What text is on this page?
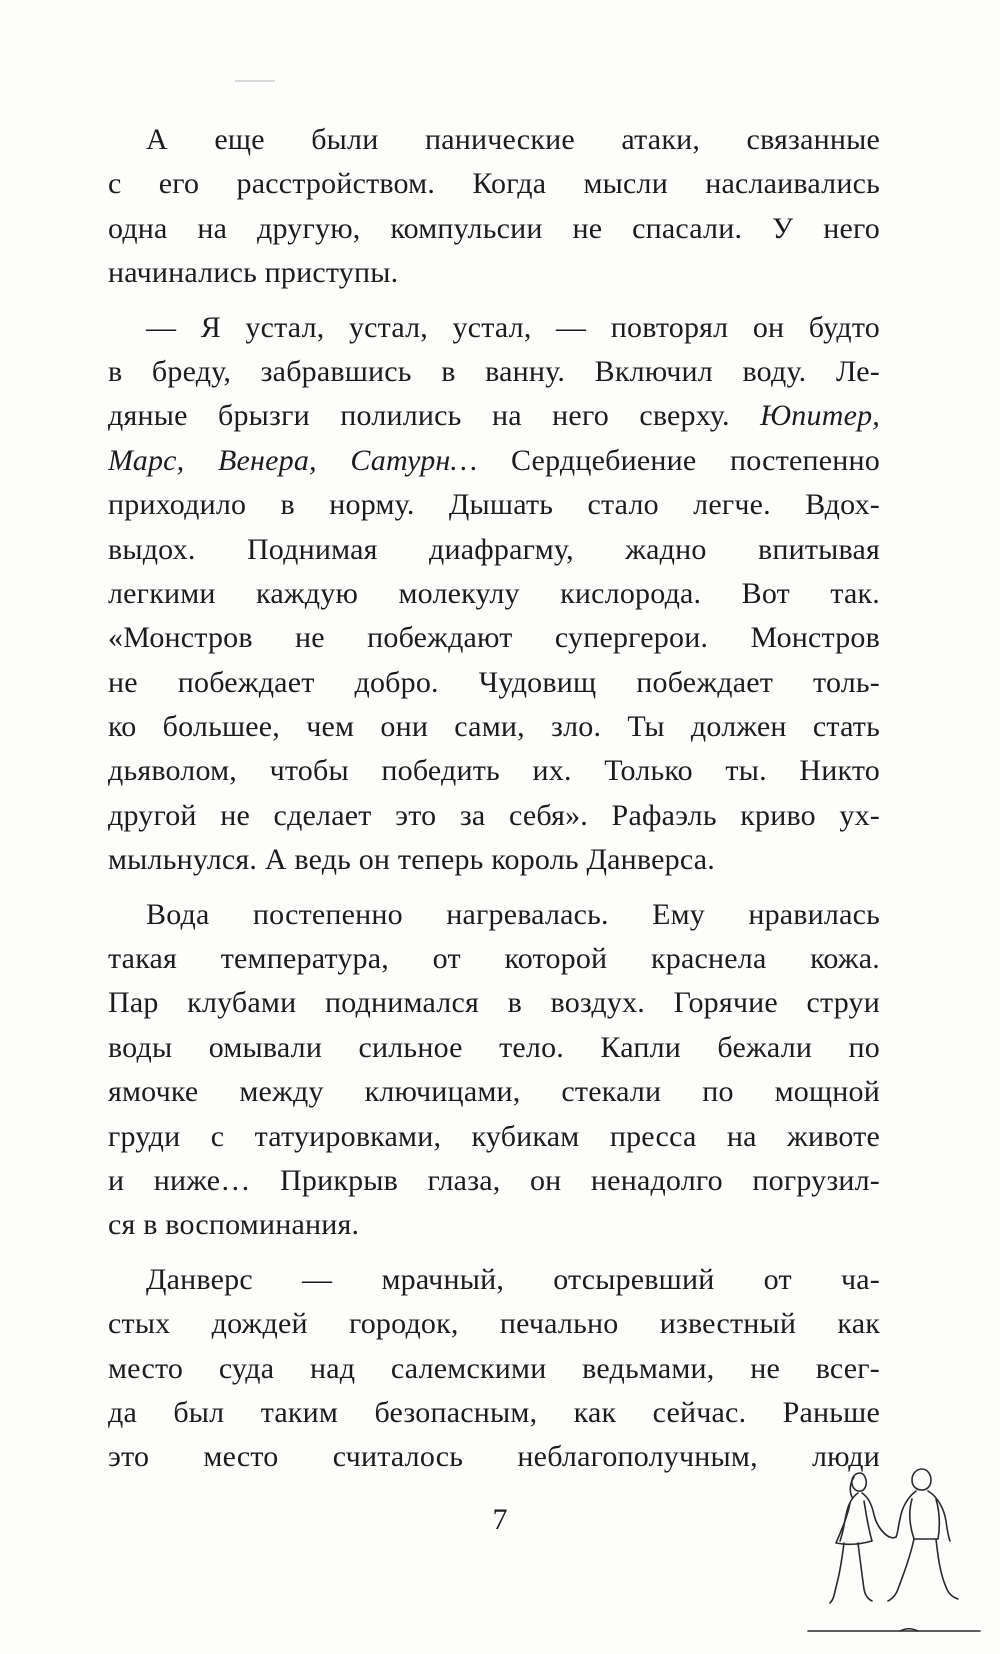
А еще были панические атаки, связанные
с его расстройством. Когда мысли наслаивались
одна на другую, компульсии не спасали. У него
начинались приступы.
— Я устал, устал, устал, — повторял он будто
в бреду, забравшись в ванну. Включил воду. Ле-
дяные брызги полились на него сверху. Юпитер,
Марс, Венера, Сатурн… Сердцебиение постепенно
приходило в норму. Дышать стало легче. Вдох-
выдох. Поднимая диафрагму, жадно впитывая
легкими каждую молекулу кислорода. Вот так.
«Монстров не побеждают супергерои. Монстров
не побеждает добро. Чудовищ побеждает толь-
ко большее, чем они сами, зло. Ты должен стать
дьяволом, чтобы победить их. Только ты. Никто
другой не сделает это за себя». Рафаэль криво ух-
мыльнулся. А ведь он теперь король Данверса.
Вода постепенно нагревалась. Ему нравилась
такая температура, от которой краснела кожа.
Пар клубами поднимался в воздух. Горячие струи
воды омывали сильное тело. Капли бежали по
ямочке между ключицами, стекали по мощной
груди с татуировками, кубикам пресса на животе
и ниже… Прикрыв глаза, он ненадолго погрузил-
ся в воспоминания.
Данверс — мрачный, отсыревший от ча-
стых дождей городок, печально известный как
место суда над салемскими ведьмами, не всег-
да был таким безопасным, как сейчас. Раньше
это место считалось неблагополучным, люди
7
